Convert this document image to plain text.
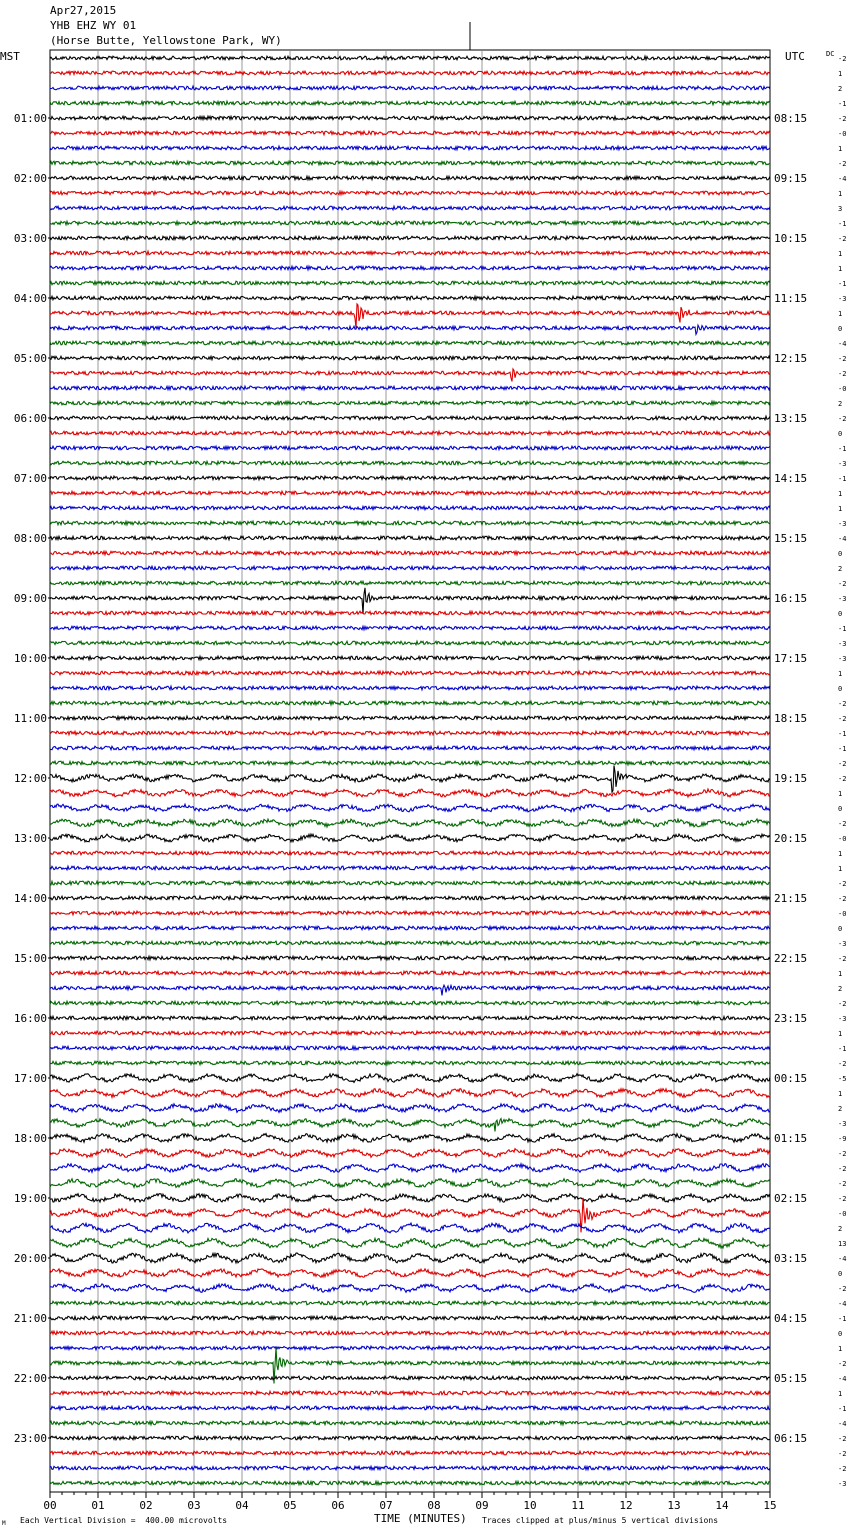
Apr27,2015
YHB EHZ WY 01
(Horse Butte, Yellowstone Park, WY)
MST	UTC	DC
-2
1
2
-1
-2
-0
1
-2
-4
1
3
-1
-2
1
1
-1
-3
1
0
-4
-2
-2
-0
2
-2
0
-1
-3
-1
1
1
-3
-4
0
2
-2
-3
0
-1
-3
-3
1
0
-2
-2
-1
-1
-2
-2
1
0
-2
-0
1
1
-2
-2
-0
0
-3
-2
1
2
-2
-3
1
-1
-2
-5
1
2
-3
-9
-2
-2
-2
-2
-0
2
13
-4
0
-2
-4
-1
0
1
-2
-4
1
-1
-4
-2
-2
-2
-3
01:00
02:00
03:00
04:00
05:00
06:00
07:00
08:00
09:00
10:00
11:00
12:00
13:00
14:00
15:00
16:00
17:00
18:00
19:00
20:00
21:00
22:00
23:00
08:15
09:15
10:15
11:15
12:15
13:15
14:15
15:15
16:15
17:15
18:15
19:15
20:15
21:15
22:15
23:15
00:15
01:15
02:15
03:15
04:15
05:15
06:15
00	01	02	03	04	05	06	07	08	09	10	11	12	13	14	15
TIME (MINUTES)
Each Vertical Division =  400.00 microvolts	Traces clipped at plus/minus 5 vertical divisions
M
